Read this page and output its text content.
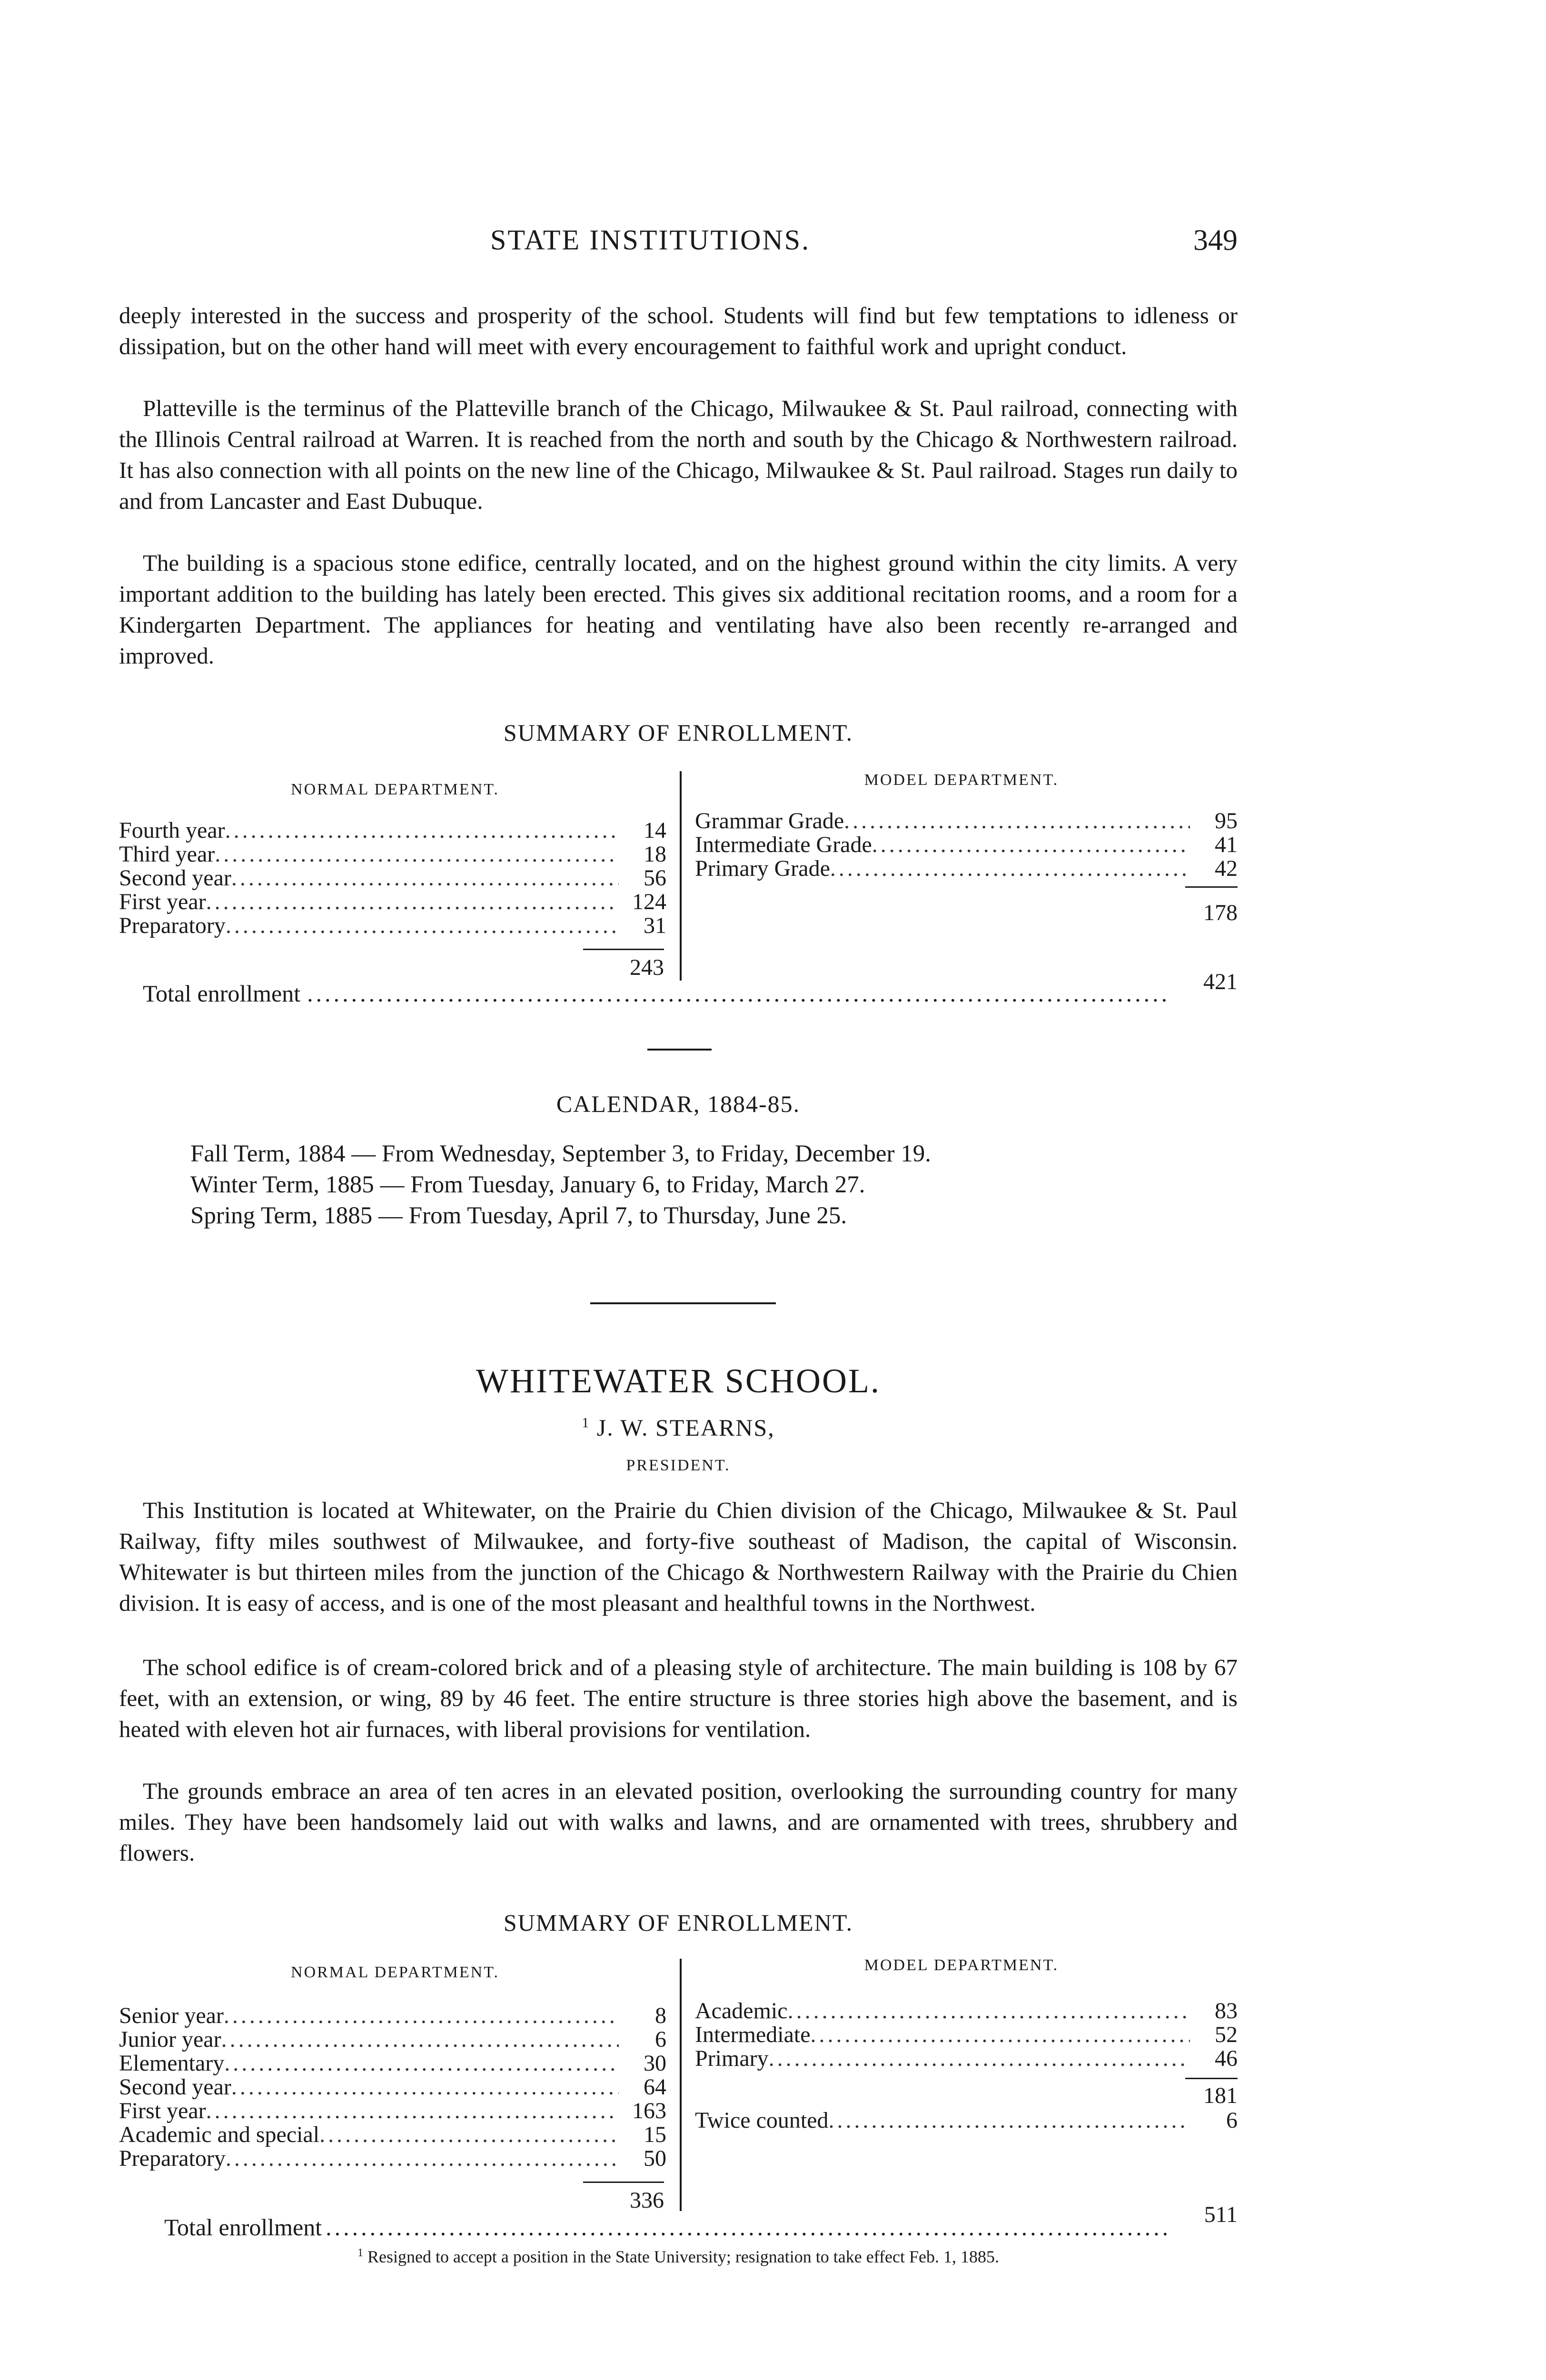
STATE INSTITUTIONS.	349

deeply interested in the success and prosperity of the school. Students will find but few temptations to idleness or dissipation, but on the other hand will meet with every encouragement to faithful work and upright conduct.

Platteville is the terminus of the Platteville branch of the Chicago, Milwaukee & St. Paul railroad, connecting with the Illinois Central railroad at Warren. It is reached from the north and south by the Chicago & Northwestern railroad. It has also connection with all points on the new line of the Chicago, Milwaukee & St. Paul railroad. Stages run daily to and from Lancaster and East Dubuque.

The building is a spacious stone edifice, centrally located, and on the highest ground within the city limits. A very important addition to the building has lately been erected. This gives six additional recitation rooms, and a room for a Kindergarten Department. The appliances for heating and ventilating have also been recently re-arranged and improved.

SUMMARY OF ENROLLMENT.
NORMAL DEPARTMENT.
MODEL DEPARTMENT.
Fourth year .....	14
Third year .....	18
Second year .....	56
First year .....	124
Preparatory .....	31
243
Grammar Grade .....	95
Intermediate Grade .....	41
Primary Grade .....	42
178
Total enrollment .....	421
CALENDAR, 1884-85.
Fall Term, 1884 — From Wednesday, September 3, to Friday, December 19.
Winter Term, 1885 — From Tuesday, January 6, to Friday, March 27.
Spring Term, 1885 — From Tuesday, April 7, to Thursday, June 25.
WHITEWATER SCHOOL.
$^1$ J. W. STEARNS,
PRESIDENT.

This Institution is located at Whitewater, on the Prairie du Chien division of the Chicago, Milwaukee & St. Paul Railway, fifty miles southwest of Milwaukee, and forty-five southeast of Madison, the capital of Wisconsin. Whitewater is but thirteen miles from the junction of the Chicago & Northwestern Railway with the Prairie du Chien division. It is easy of access, and is one of the most pleasant and healthful towns in the Northwest.

The school edifice is of cream-colored brick and of a pleasing style of architecture. The main building is 108 by 67 feet, with an extension, or wing, 89 by 46 feet. The entire structure is three stories high above the basement, and is heated with eleven hot air furnaces, with liberal provisions for ventilation.

The grounds embrace an area of ten acres in an elevated position, overlooking the surrounding country for many miles. They have been handsomely laid out with walks and lawns, and are ornamented with trees, shrubbery and flowers.

SUMMARY OF ENROLLMENT.
NORMAL DEPARTMENT.	MODEL DEPARTMENT.
Senior year .....	8
Junior year .....	6
Elementary .....	30
Second year .....	64
First year .....	163
Academic and special .....	15
Preparatory .....	50
336
Academic .....	83
Intermediate .....	52
Primary .....	46
181
Twice counted .....	6
Total enrollment .....	511
$^1$ Resigned to accept a position in the State University; resignation to take effect Feb. 1, 1885.
